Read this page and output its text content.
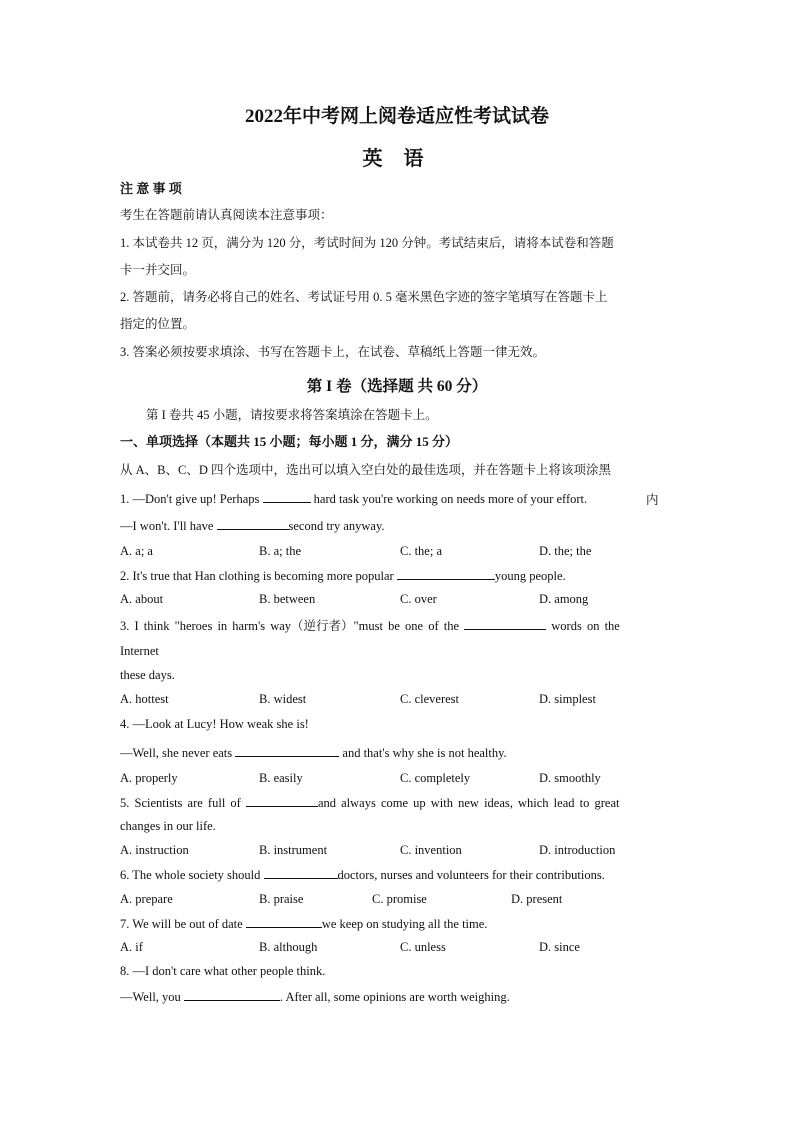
2022年中考网上阅卷适应性考试试卷
英 语
注 意 事 项
考生在答题前请认真阅读本注意事项：
1. 本试卷共 12 页，满分为 120 分，考试时间为 120 分钟。考试结束后，请将本试卷和答题
卡一并交回。
2. 答题前，请务必将自己的姓名、考试证号用 0. 5 毫米黑色字迹的签字笔填写在答题卡上
指定的位置。
3. 答案必须按要求填涂、书写在答题卡上，在试卷、草稿纸上答题一律无效。
第 I 卷（选择题 共 60 分）
第 I 卷共 45 小题，请按要求将答案填涂在答题卡上。
一、单项选择（本题共 15 小题；每小题 1 分，满分 15 分）
从 A、B、C、D 四个选项中，选出可以填入空白处的最佳选项，并在答题卡上将该项涂黑
1. —Don't give up! Perhaps	hard task you're working on needs more of your effort.	内
—I won't. I'll have	second try anyway.
A. a; a	B. a; the	C. the; a	D. the; the
2. It's true that Han clothing is becoming more popular	young people.
A. about	B. between	C. over	D. among
3. I think "heroes in harm's way（逆行者）"must be one of the	words on the
Internet
these days.
A. hottest	B. widest	C. cleverest	D. simplest
4. —Look at Lucy! How weak she is!
—Well, she never eats	and that's why she is not healthy.
A. properly	B. easily	C. completely	D. smoothly
5. Scientists are full of	and always come up with new ideas, which lead to great
changes in our life.
A. instruction	B. instrument	C. invention	D. introduction
6. The whole society should	doctors, nurses and volunteers for their contributions.
A. prepare	B. praise	C. promise	D. present
7. We will be out of date	we keep on studying all the time.
A. if	B. although	C. unless	D. since
8. —I don't care what other people think.
—Well, you	. After all, some opinions are worth weighing.
